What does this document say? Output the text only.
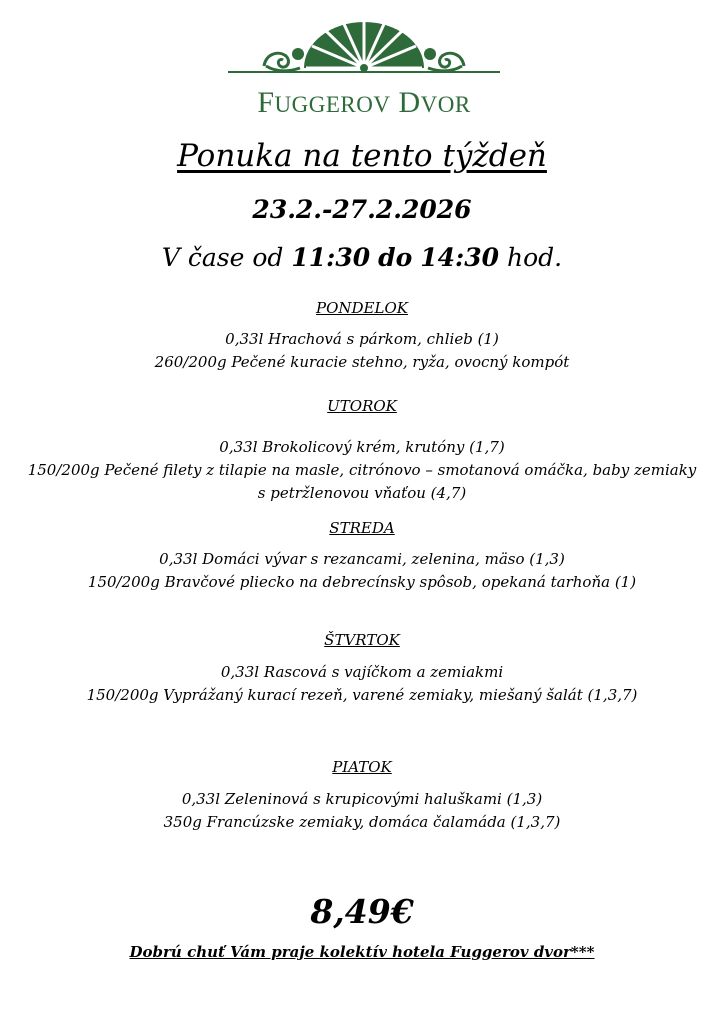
FUGGEROV DVOR
Ponuka na tento týždeň
23.2.-27.2.2026
V čase od 11:30 do 14:30 hod.
PONDELOK
0,33l Hrachová s párkom, chlieb (1)
260/200g Pečené kuracie stehno, ryža, ovocný kompót
UTOROK
0,33l Brokolicový krém, krutóny (1,7)
150/200g Pečené filety z tilapie na masle, citrónovo – smotanová omáčka, baby zemiaky
s petržlenovou vňaťou (4,7)
STREDA
0,33l Domáci vývar s rezancami, zelenina, mäso (1,3)
150/200g Bravčové pliecko na debrecínsky spôsob, opekaná tarhoňa (1)
ŠTVRTOK
0,33l Rascová s vajíčkom a zemiakmi
150/200g Vyprážaný kurací rezeň, varené zemiaky, miešaný šalát (1,3,7)
PIATOK
0,33l Zeleninová s krupicovými haluškami (1,3)
350g Francúzske zemiaky, domáca čalamáda (1,3,7)
8,49€
Dobrú chuť Vám praje kolektív hotela Fuggerov dvor***
